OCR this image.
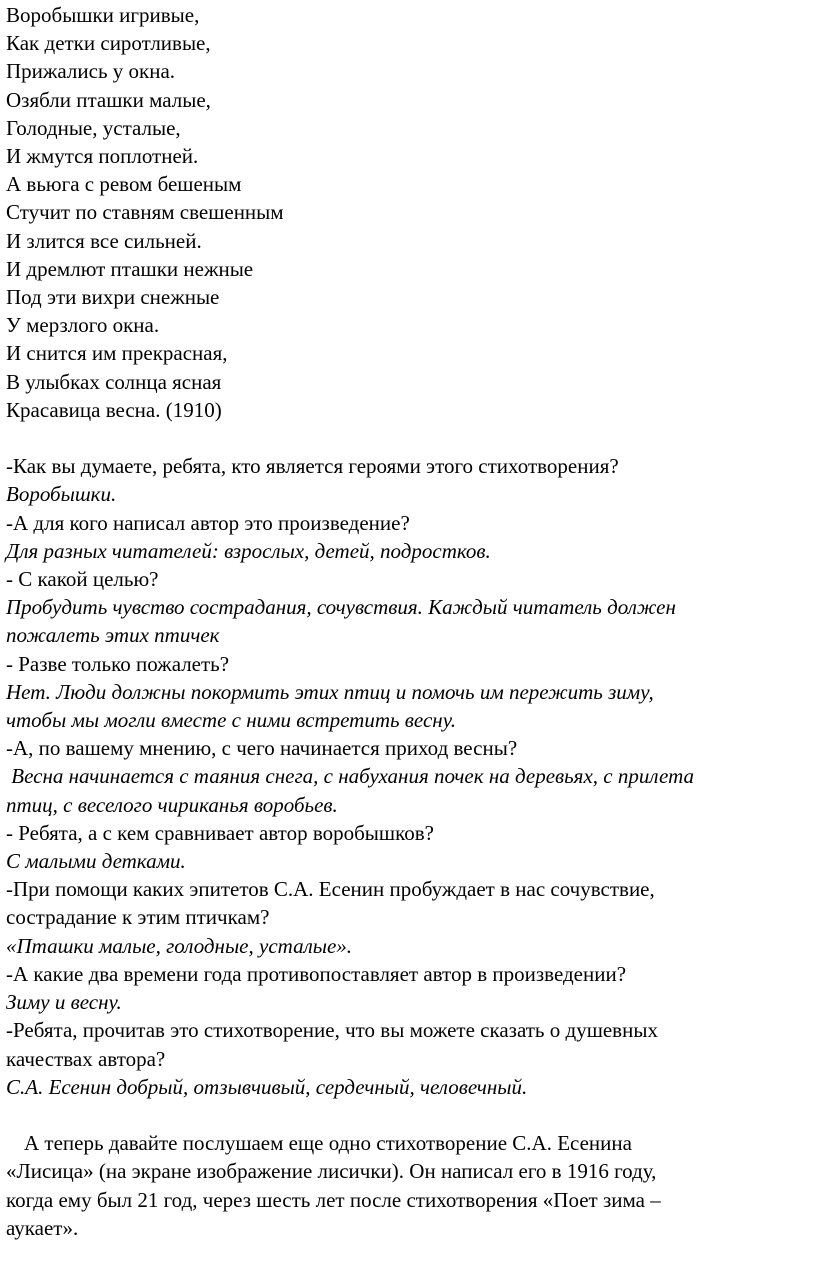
Воробышки игривые,
Как детки сиротливые,
Прижались у окна.
Озябли пташки малые,
Голодные, усталые,
И жмутся поплотней.
А вьюга с ревом бешеным
Стучит по ставням свешенным
И злится все сильней.
И дремлют пташки нежные
Под эти вихри снежные
У мерзлого окна.
И снится им прекрасная,
В улыбках солнца ясная
Красавица весна. (1910)
-Как вы думаете, ребята, кто является героями этого стихотворения?
Воробышки.
-А для кого написал автор это произведение?
Для разных читателей: взрослых, детей, подростков.
- С какой целью?
Пробудить чувство сострадания, сочувствия. Каждый читатель должен
пожалеть этих птичек
- Разве только пожалеть?
Нет. Люди должны покормить этих птиц и помочь им пережить зиму,
чтобы мы могли вместе с ними встретить весну.
-А, по вашему мнению, с чего начинается приход весны?
Весна начинается с таяния снега, с набухания почек на деревьях, с прилета
птиц, с веселого чириканья воробьев.
- Ребята, а с кем сравнивает автор воробышков?
С малыми детками.
-При помощи каких эпитетов С.А. Есенин пробуждает в нас сочувствие,
сострадание к этим птичкам?
«Пташки малые, голодные, усталые».
-А какие два времени года противопоставляет автор в произведении?
Зиму и весну.
-Ребята, прочитав это стихотворение, что вы можете сказать о душевных
качествах автора?
С.А. Есенин добрый, отзывчивый, сердечный, человечный.
А теперь давайте послушаем еще одно стихотворение С.А. Есенина
«Лисица» (на экране изображение лисички). Он написал его в 1916 году,
когда ему был 21 год, через шесть лет после стихотворения «Поет зима –
аукает».
